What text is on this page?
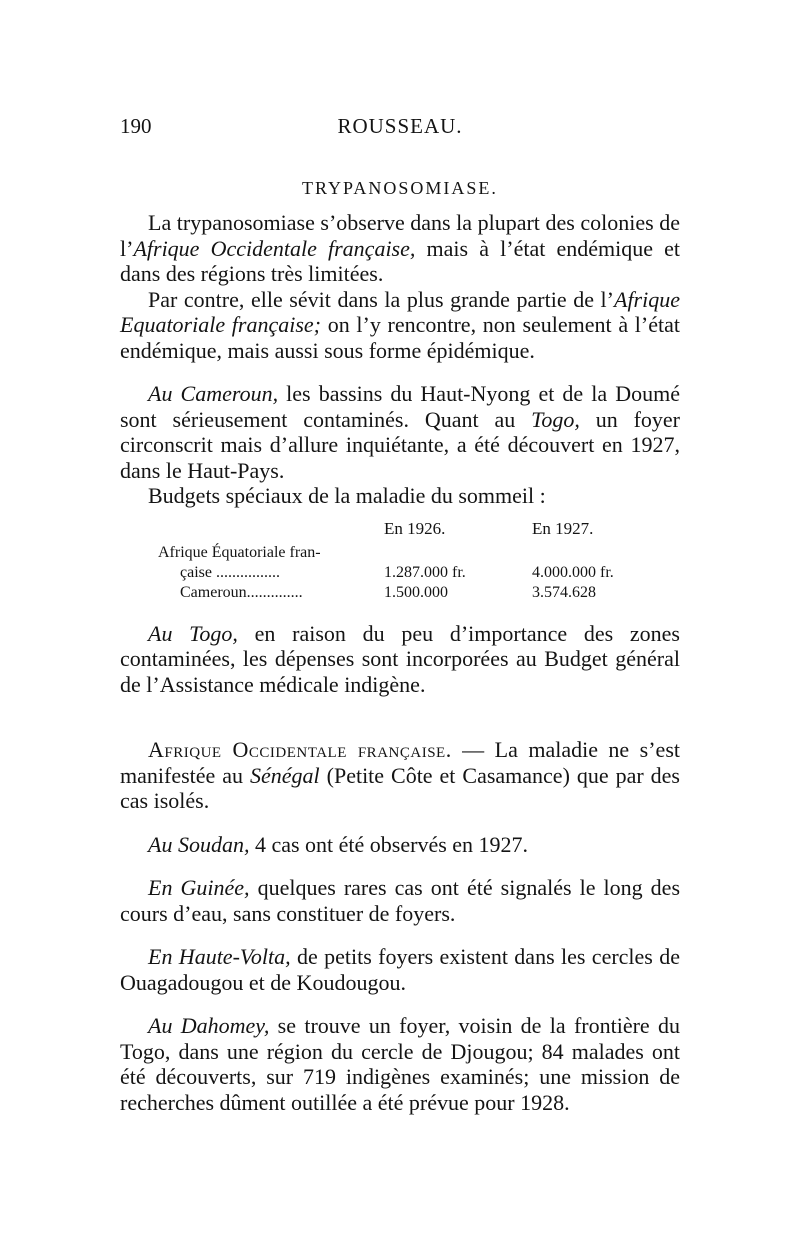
190	ROUSSEAU.
TRYPANOSOMIASE.

La trypanosomiase s’observe dans la plupart des colonies de l’Afrique Occidentale française, mais à l’état endémique et dans des régions très limitées.

Par contre, elle sévit dans la plus grande partie de l’Afrique Equatoriale française; on l’y rencontre, non seulement à l’état endémique, mais aussi sous forme épidémique.

Au Cameroun, les bassins du Haut-Nyong et de la Doumé sont sérieusement contaminés. Quant au Togo, un foyer circonscrit mais d’allure inquiétante, a été découvert en 1927, dans le Haut-Pays.

Budgets spéciaux de la maladie du sommeil :

En 1926.	En 1927.
Afrique Équatoriale fran-
çaise ................	1.287.000 fr.	4.000.000 fr.
Cameroun..............	1.500.000	3.574.628

Au Togo, en raison du peu d’importance des zones contaminées, les dépenses sont incorporées au Budget général de l’Assistance médicale indigène.

Afrique Occidentale française. — La maladie ne s’est manifestée au Sénégal (Petite Côte et Casamance) que par des cas isolés.

Au Soudan, 4 cas ont été observés en 1927.

En Guinée, quelques rares cas ont été signalés le long des cours d’eau, sans constituer de foyers.

En Haute-Volta, de petits foyers existent dans les cercles de Ouagadougou et de Koudougou.

Au Dahomey, se trouve un foyer, voisin de la frontière du Togo, dans une région du cercle de Djougou; 84 malades ont été découverts, sur 719 indigènes examinés; une mission de recherches dûment outillée a été prévue pour 1928.
